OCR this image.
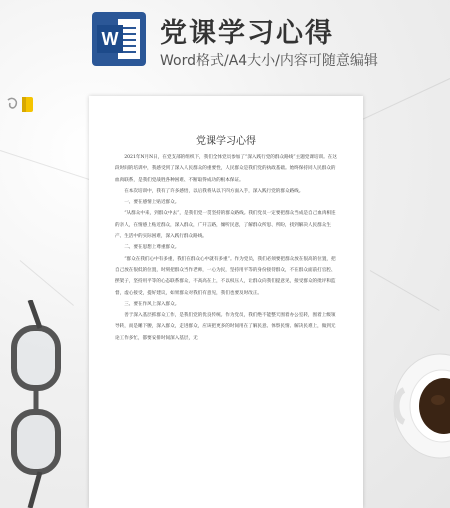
W 党课学习心得
Word格式/A4大小/内容可随意编辑
党课学习心得

2021年N月N日，在党支部的组织下，我们全体党员参加了“深入践行党的群众路线”主题党课培训。在这段时间的培训中，我感受到了深入人民群众的重要性，人民群众是我们党的执政基础。始终保持同人民群众的血肉联系，是我们党战胜各种困难、不断取得成功的根本保证。

在本次培训中，我有了许多感悟，以后我将从以下四方面入手，深入践行党的群众路线。

一、要在感情上贴近群众。

“从群众中来，到群众中去”，是我们党一贯坚持的群众路线。我们党员一定要把群众当成是自己血肉相连的亲人，在情感上贴近群众，深入群众，广开言路，倾听民意，了解群众所思、所盼，找到解决人民群众生产、生活中的实际困难，深入践行群众路线。

二、要在思想上尊重群众。

“群众在我们心中有多重，我们在群众心中就有多重”。作为党员，我们必须要把群众放在很高的位置，把自己放在很低的位置，时刻把群众当作老师，一心为民，坚持用平等的身份接待群众，不在群众面前打官腔、摆架子，坚持用平等的心态联系群众，不高高在上，不以权压人，让群众向我们提意见，接受群众的批评和监督，虚心接受，提好建议，如果群众对我们有意见，我们也要及时改正。

三、要在作风上深入群众。

善于深入基层抓群众工作，是我们党的优良传统。作为党员，我们绝不能整天围着办公室转，围着上级领导转，而是睡下腰，深入群众，走进群众，应该把更多的时间用在了解民意、体察民情、解决民难上，做到无论工作多忙，都要安排时间深入基层，无
